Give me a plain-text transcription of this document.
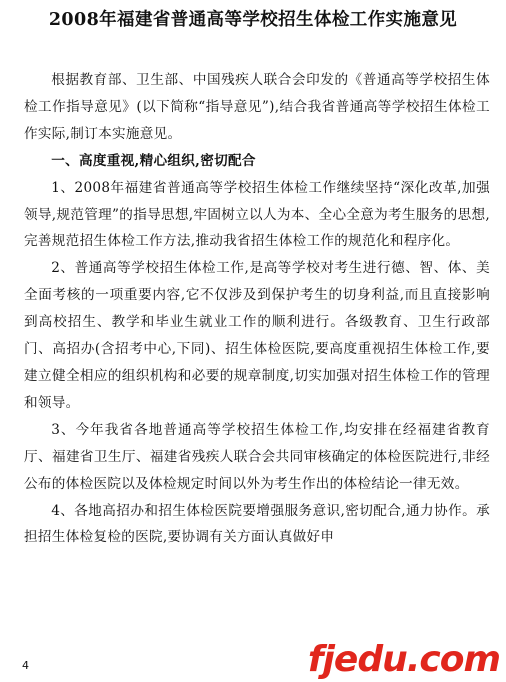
2008年福建省普通高等学校招生体检工作实施意见

根据教育部、卫生部、中国残疾人联合会印发的《普通高等学校招生体检工作指导意见》(以下简称“指导意见”),结合我省普通高等学校招生体检工作实际,制订本实施意见。

一、高度重视,精心组织,密切配合

1、2008年福建省普通高等学校招生体检工作继续坚持“深化改革,加强领导,规范管理”的指导思想,牢固树立以人为本、全心全意为考生服务的思想,完善规范招生体检工作方法,推动我省招生体检工作的规范化和程序化。

2、普通高等学校招生体检工作,是高等学校对考生进行德、智、体、美全面考核的一项重要内容,它不仅涉及到保护考生的切身利益,而且直接影响到高校招生、教学和毕业生就业工作的顺利进行。各级教育、卫生行政部门、高招办(含招考中心,下同)、招生体检医院,要高度重视招生体检工作,要建立健全相应的组织机构和必要的规章制度,切实加强对招生体检工作的管理和领导。

3、今年我省各地普通高等学校招生体检工作,均安排在经福建省教育厅、福建省卫生厅、福建省残疾人联合会共同审核确定的体检医院进行,非经公布的体检医院以及体检规定时间以外为考生作出的体检结论一律无效。

4、各地高招办和招生体检医院要增强服务意识,密切配合,通力协作。承担招生体检复检的医院,要协调有关方面认真做好申

4	fjedu.com
